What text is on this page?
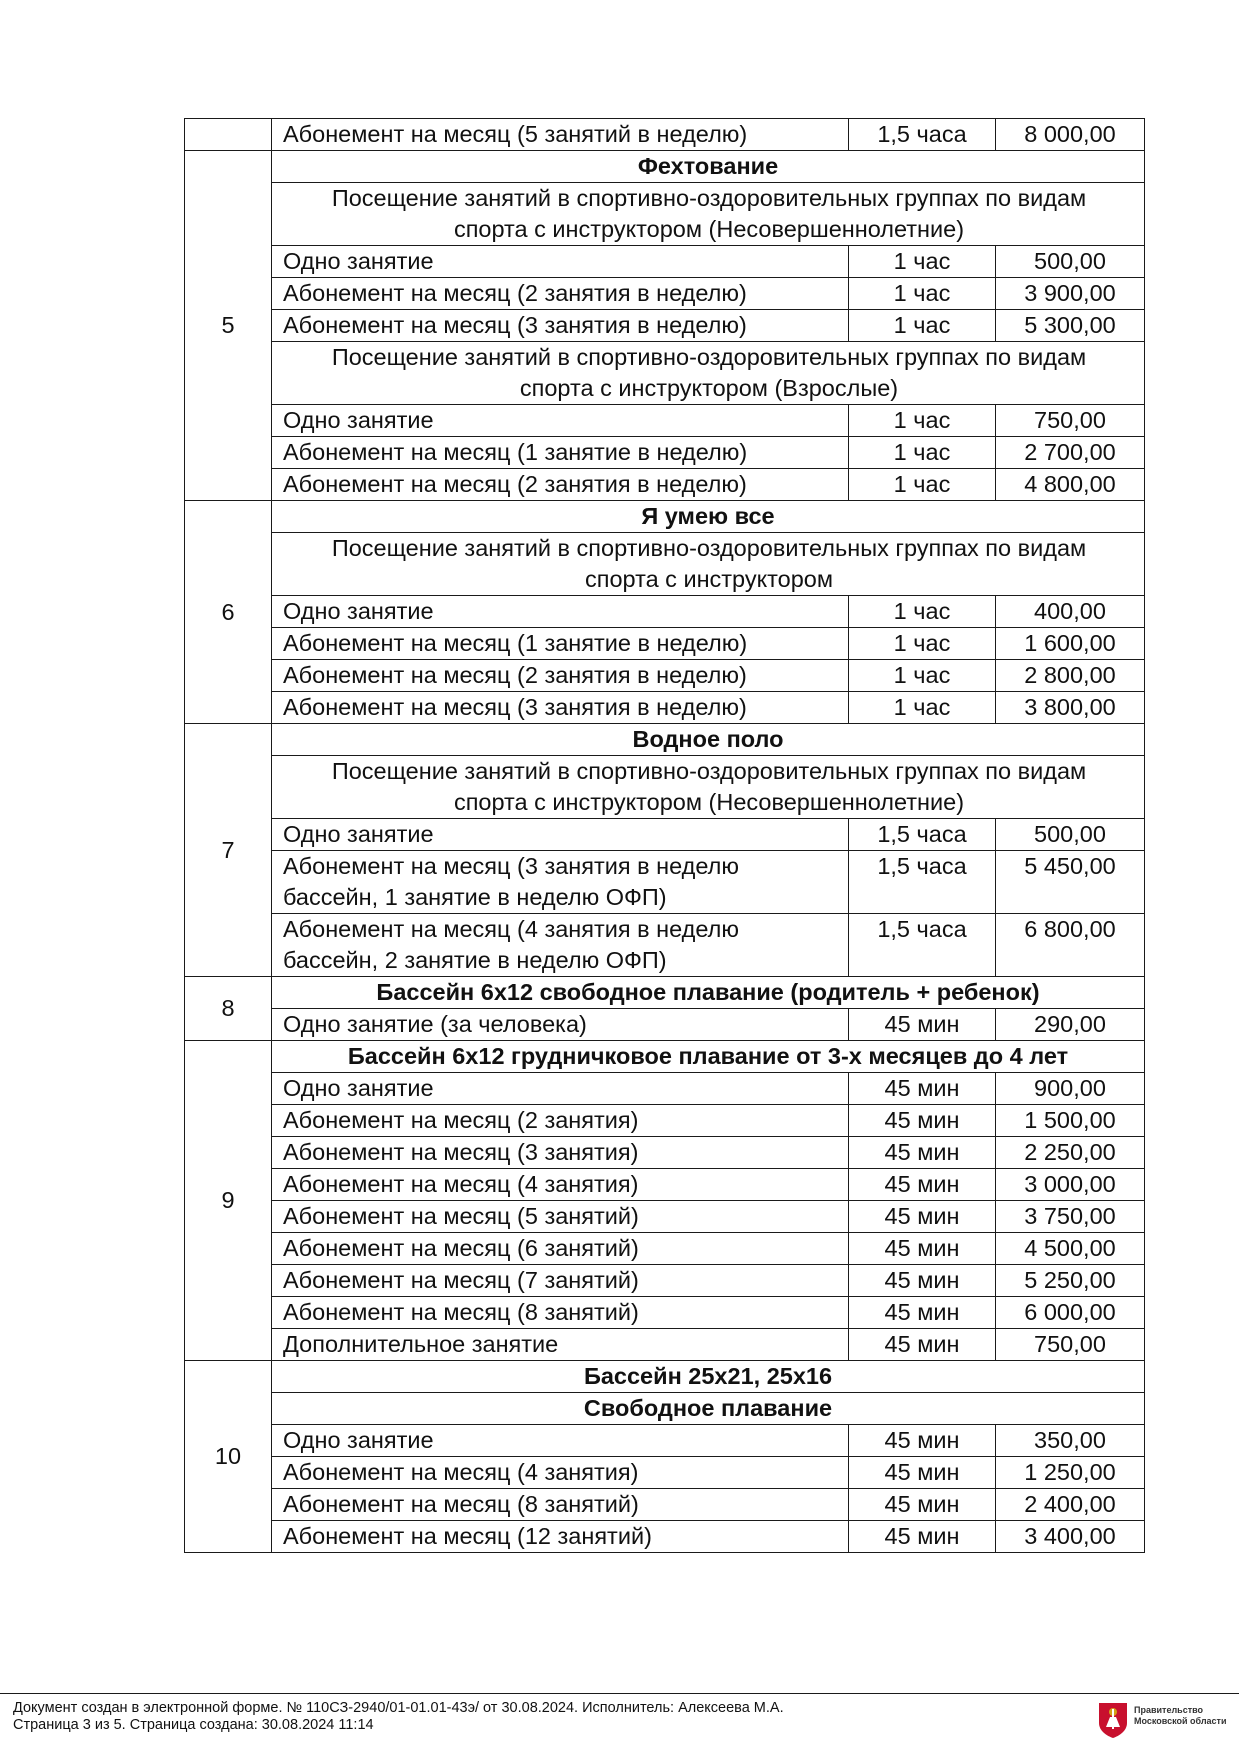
	Абонемент на месяц (5 занятий в неделю)	1,5 часа	8 000,00
5	Фехтование		
	Посещение занятий в спортивно-оздоровительных группах по видам спорта с инструктором (Несовершеннолетние)		
	Одно занятие	1 час	500,00
	Абонемент на месяц (2 занятия в неделю)	1 час	3 900,00
	Абонемент на месяц (3 занятия в неделю)	1 час	5 300,00
	Посещение занятий в спортивно-оздоровительных группах по видам спорта с инструктором (Взрослые)		
	Одно занятие	1 час	750,00
	Абонемент на месяц (1 занятие в неделю)	1 час	2 700,00
	Абонемент на месяц (2 занятия в неделю)	1 час	4 800,00
6	Я умею все		
	Посещение занятий в спортивно-оздоровительных группах по видам спорта с инструктором		
	Одно занятие	1 час	400,00
	Абонемент на месяц (1 занятие в неделю)	1 час	1 600,00
	Абонемент на месяц (2 занятия в неделю)	1 час	2 800,00
	Абонемент на месяц (3 занятия в неделю)	1 час	3 800,00
7	Водное поло		
	Посещение занятий в спортивно-оздоровительных группах по видам спорта с инструктором (Несовершеннолетние)		
	Одно занятие	1,5 часа	500,00
	Абонемент на месяц (3 занятия в неделю бассейн, 1 занятие в неделю ОФП)	1,5 часа	5 450,00
	Абонемент на месяц (4 занятия в неделю бассейн, 2 занятие в неделю ОФП)	1,5 часа	6 800,00
8	Бассейн 6х12 свободное плавание (родитель + ребенок)		
	Одно занятие (за человека)	45 мин	290,00
9	Бассейн 6х12 грудничковое плавание от 3-х месяцев до 4 лет		
	Одно занятие	45 мин	900,00
	Абонемент на месяц (2 занятия)	45 мин	1 500,00
	Абонемент на месяц (3 занятия)	45 мин	2 250,00
	Абонемент на месяц (4 занятия)	45 мин	3 000,00
	Абонемент на месяц (5 занятий)	45 мин	3 750,00
	Абонемент на месяц (6 занятий)	45 мин	4 500,00
	Абонемент на месяц (7 занятий)	45 мин	5 250,00
	Абонемент на месяц (8 занятий)	45 мин	6 000,00
	Дополнительное занятие	45 мин	750,00
10	Бассейн 25х21, 25х16		
	Свободное плавание		
	Одно занятие	45 мин	350,00
	Абонемент на месяц (4 занятия)	45 мин	1 250,00
	Абонемент на месяц (8 занятий)	45 мин	2 400,00
	Абонемент на месяц (12 занятий)	45 мин	3 400,00
Документ создан в электронной форме. № 110СЗ-2940/01-01.01-43э/ от 30.08.2024. Исполнитель: Алексеева М.А.
Страница 3 из 5. Страница создана: 30.08.2024 11:14
Правительство Московской области
